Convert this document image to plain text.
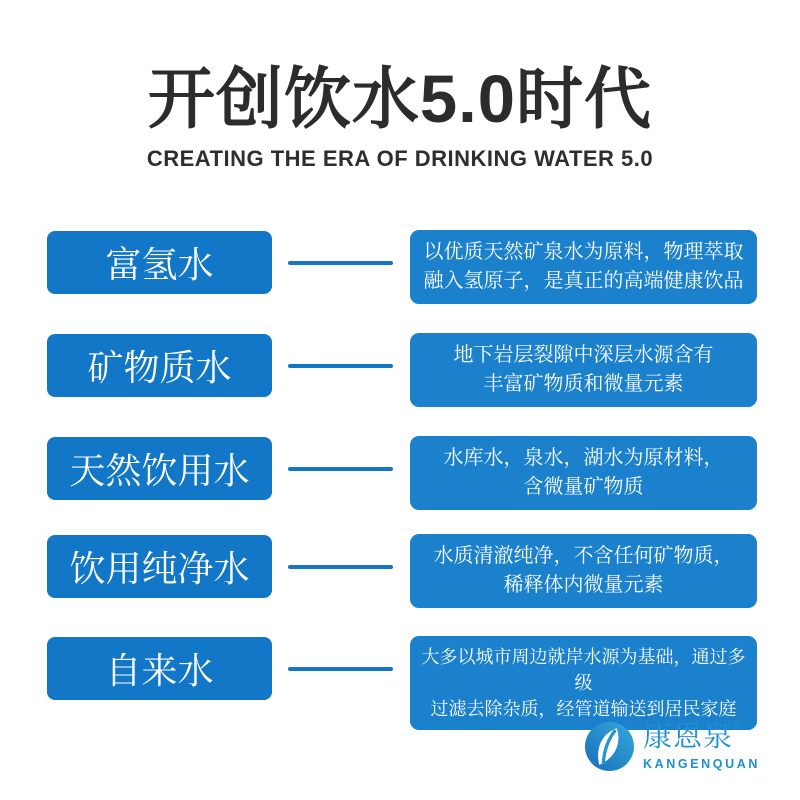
开创饮水5.0时代
CREATING THE ERA OF DRINKING WATER 5.0
富氢水	以优质天然矿泉水为原料，物理萃取
融入氢原子，是真正的高端健康饮品
矿物质水	地下岩层裂隙中深层水源含有
丰富矿物质和微量元素
天然饮用水	水库水，泉水，湖水为原材料，
含微量矿物质
饮用纯净水	水质清澈纯净，不含任何矿物质，
稀释体内微量元素
自来水	大多以城市周边就岸水源为基础，通过多级
过滤去除杂质，经管道输送到居民家庭
康恩泉 ®
KANGENQUAN
